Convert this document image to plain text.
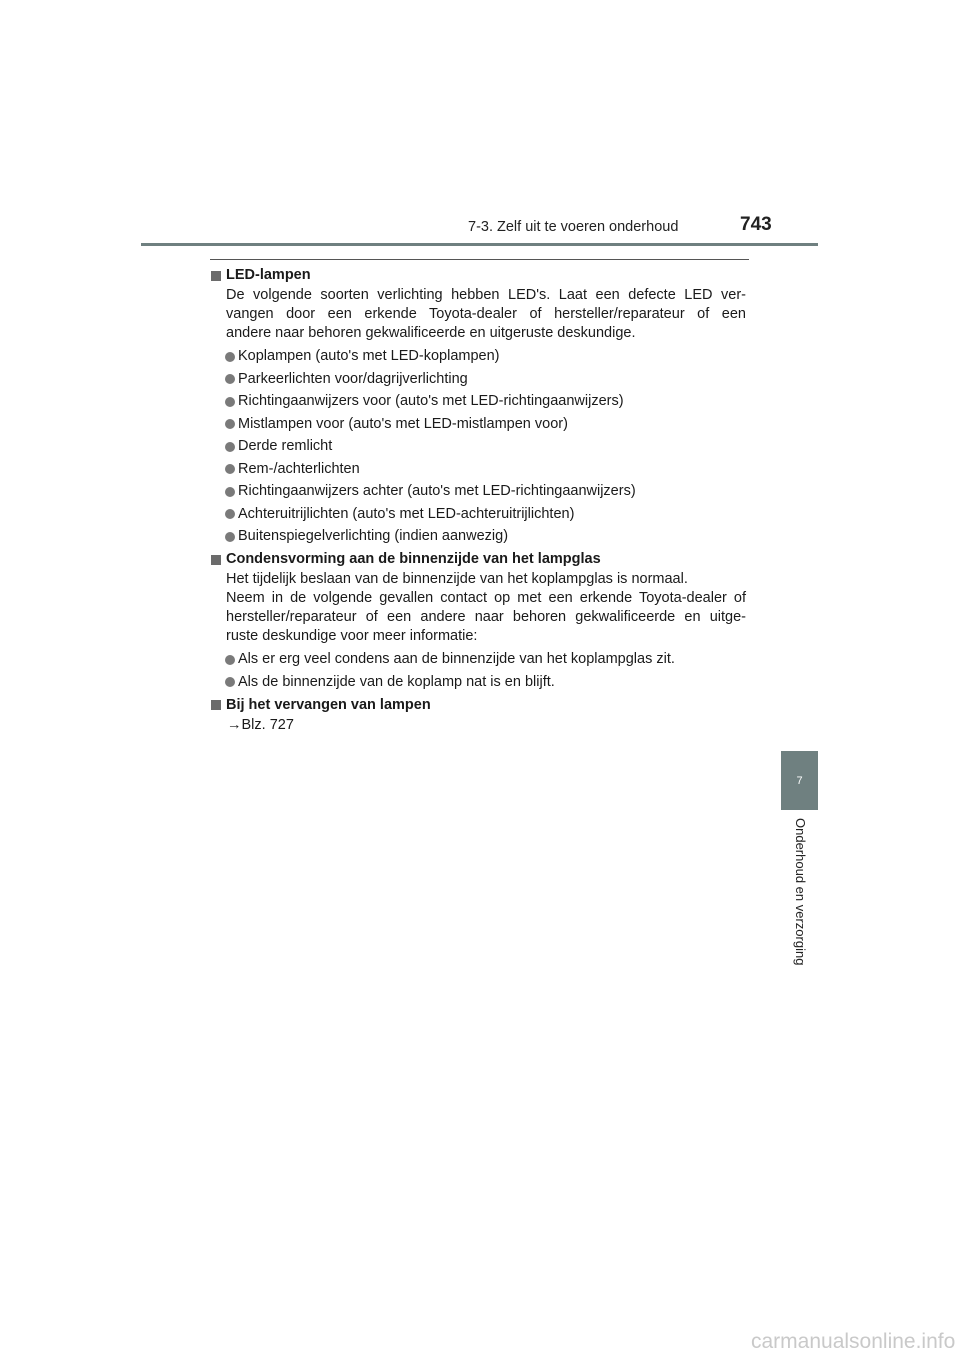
7-3. Zelf uit te voeren onderhoud	743
LED-lampen
De volgende soorten verlichting hebben LED's. Laat een defecte LED ver-
vangen door een erkende Toyota-dealer of hersteller/reparateur of een
andere naar behoren gekwalificeerde en uitgeruste deskundige.
Koplampen (auto's met LED-koplampen)
Parkeerlichten voor/dagrijverlichting
Richtingaanwijzers voor (auto's met LED-richtingaanwijzers)
Mistlampen voor (auto's met LED-mistlampen voor)
Derde remlicht
Rem-/achterlichten
Richtingaanwijzers achter (auto's met LED-richtingaanwijzers)
Achteruitrijlichten (auto's met LED-achteruitrijlichten)
Buitenspiegelverlichting (indien aanwezig)
Condensvorming aan de binnenzijde van het lampglas
Het tijdelijk beslaan van de binnenzijde van het koplampglas is normaal.
Neem in de volgende gevallen contact op met een erkende Toyota-dealer of
hersteller/reparateur of een andere naar behoren gekwalificeerde en uitge-
ruste deskundige voor meer informatie:
Als er erg veel condens aan de binnenzijde van het koplampglas zit.
Als de binnenzijde van de koplamp nat is en blijft.
Bij het vervangen van lampen
→Blz. 727
7
Onderhoud en verzorging
carmanualsonline.info
